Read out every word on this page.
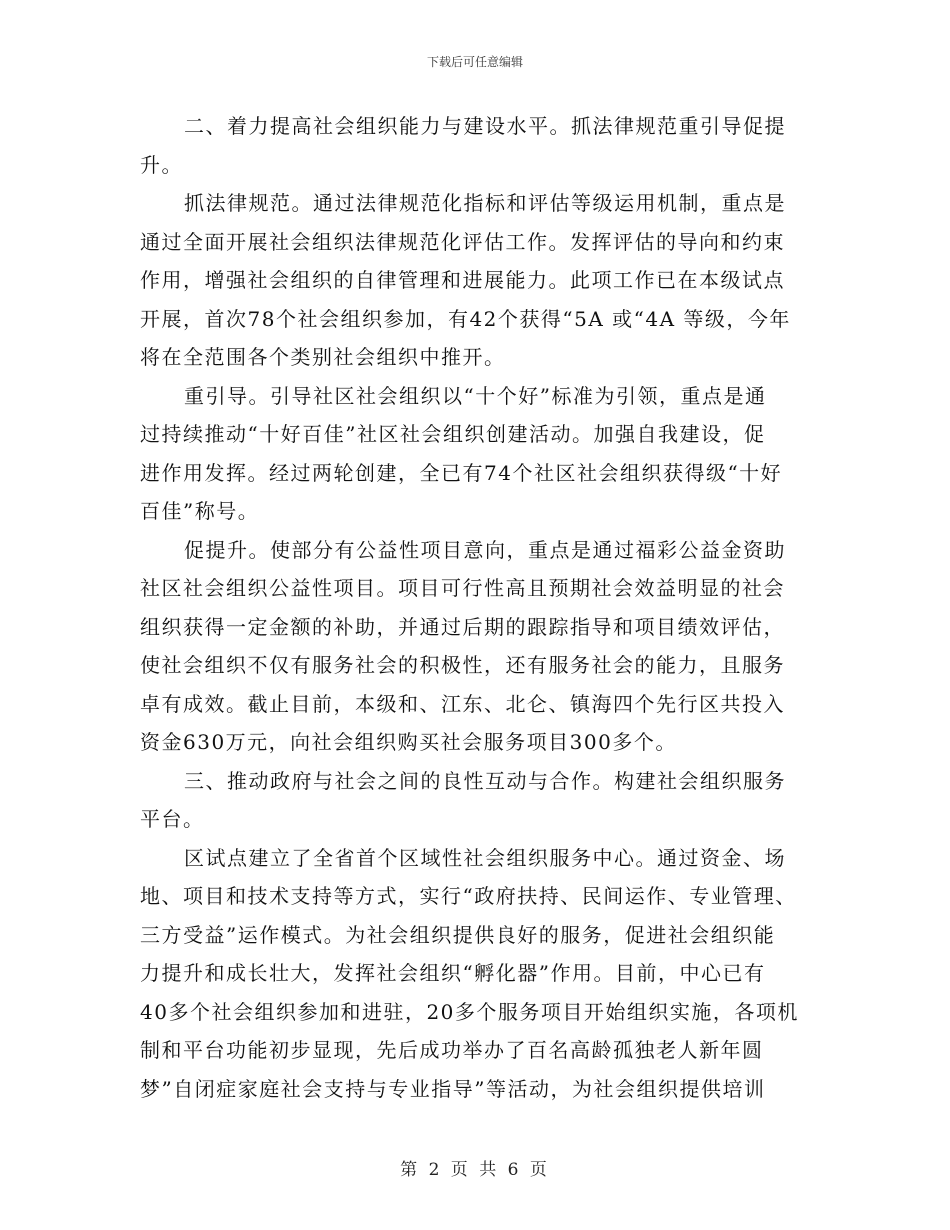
下载后可任意编辑
二、着力提高社会组织能力与建设水平。抓法律规范重引导促提
升。
抓法律规范。通过法律规范化指标和评估等级运用机制，重点是
通过全面开展社会组织法律规范化评估工作。发挥评估的导向和约束
作用，增强社会组织的自律管理和进展能力。此项工作已在本级试点
开展，首次78个社会组织参加，有42个获得“5A 或“4A 等级，今年
将在全范围各个类别社会组织中推开。
重引导。引导社区社会组织以“十个好”标准为引领，重点是通
过持续推动“十好百佳”社区社会组织创建活动。加强自我建设，促
进作用发挥。经过两轮创建，全已有74个社区社会组织获得级“十好
百佳”称号。
促提升。使部分有公益性项目意向，重点是通过福彩公益金资助
社区社会组织公益性项目。项目可行性高且预期社会效益明显的社会
组织获得一定金额的补助，并通过后期的跟踪指导和项目绩效评估，
使社会组织不仅有服务社会的积极性，还有服务社会的能力，且服务
卓有成效。截止目前，本级和、江东、北仑、镇海四个先行区共投入
资金630万元，向社会组织购买社会服务项目300多个。
三、推动政府与社会之间的良性互动与合作。构建社会组织服务
平台。
区试点建立了全省首个区域性社会组织服务中心。通过资金、场
地、项目和技术支持等方式，实行“政府扶持、民间运作、专业管理、
三方受益”运作模式。为社会组织提供良好的服务，促进社会组织能
力提升和成长壮大，发挥社会组织“孵化器”作用。目前，中心已有
40多个社会组织参加和进驻，20多个服务项目开始组织实施，各项机
制和平台功能初步显现，先后成功举办了百名高龄孤独老人新年圆
梦”自闭症家庭社会支持与专业指导”等活动，为社会组织提供培训
第 2 页 共 6 页
